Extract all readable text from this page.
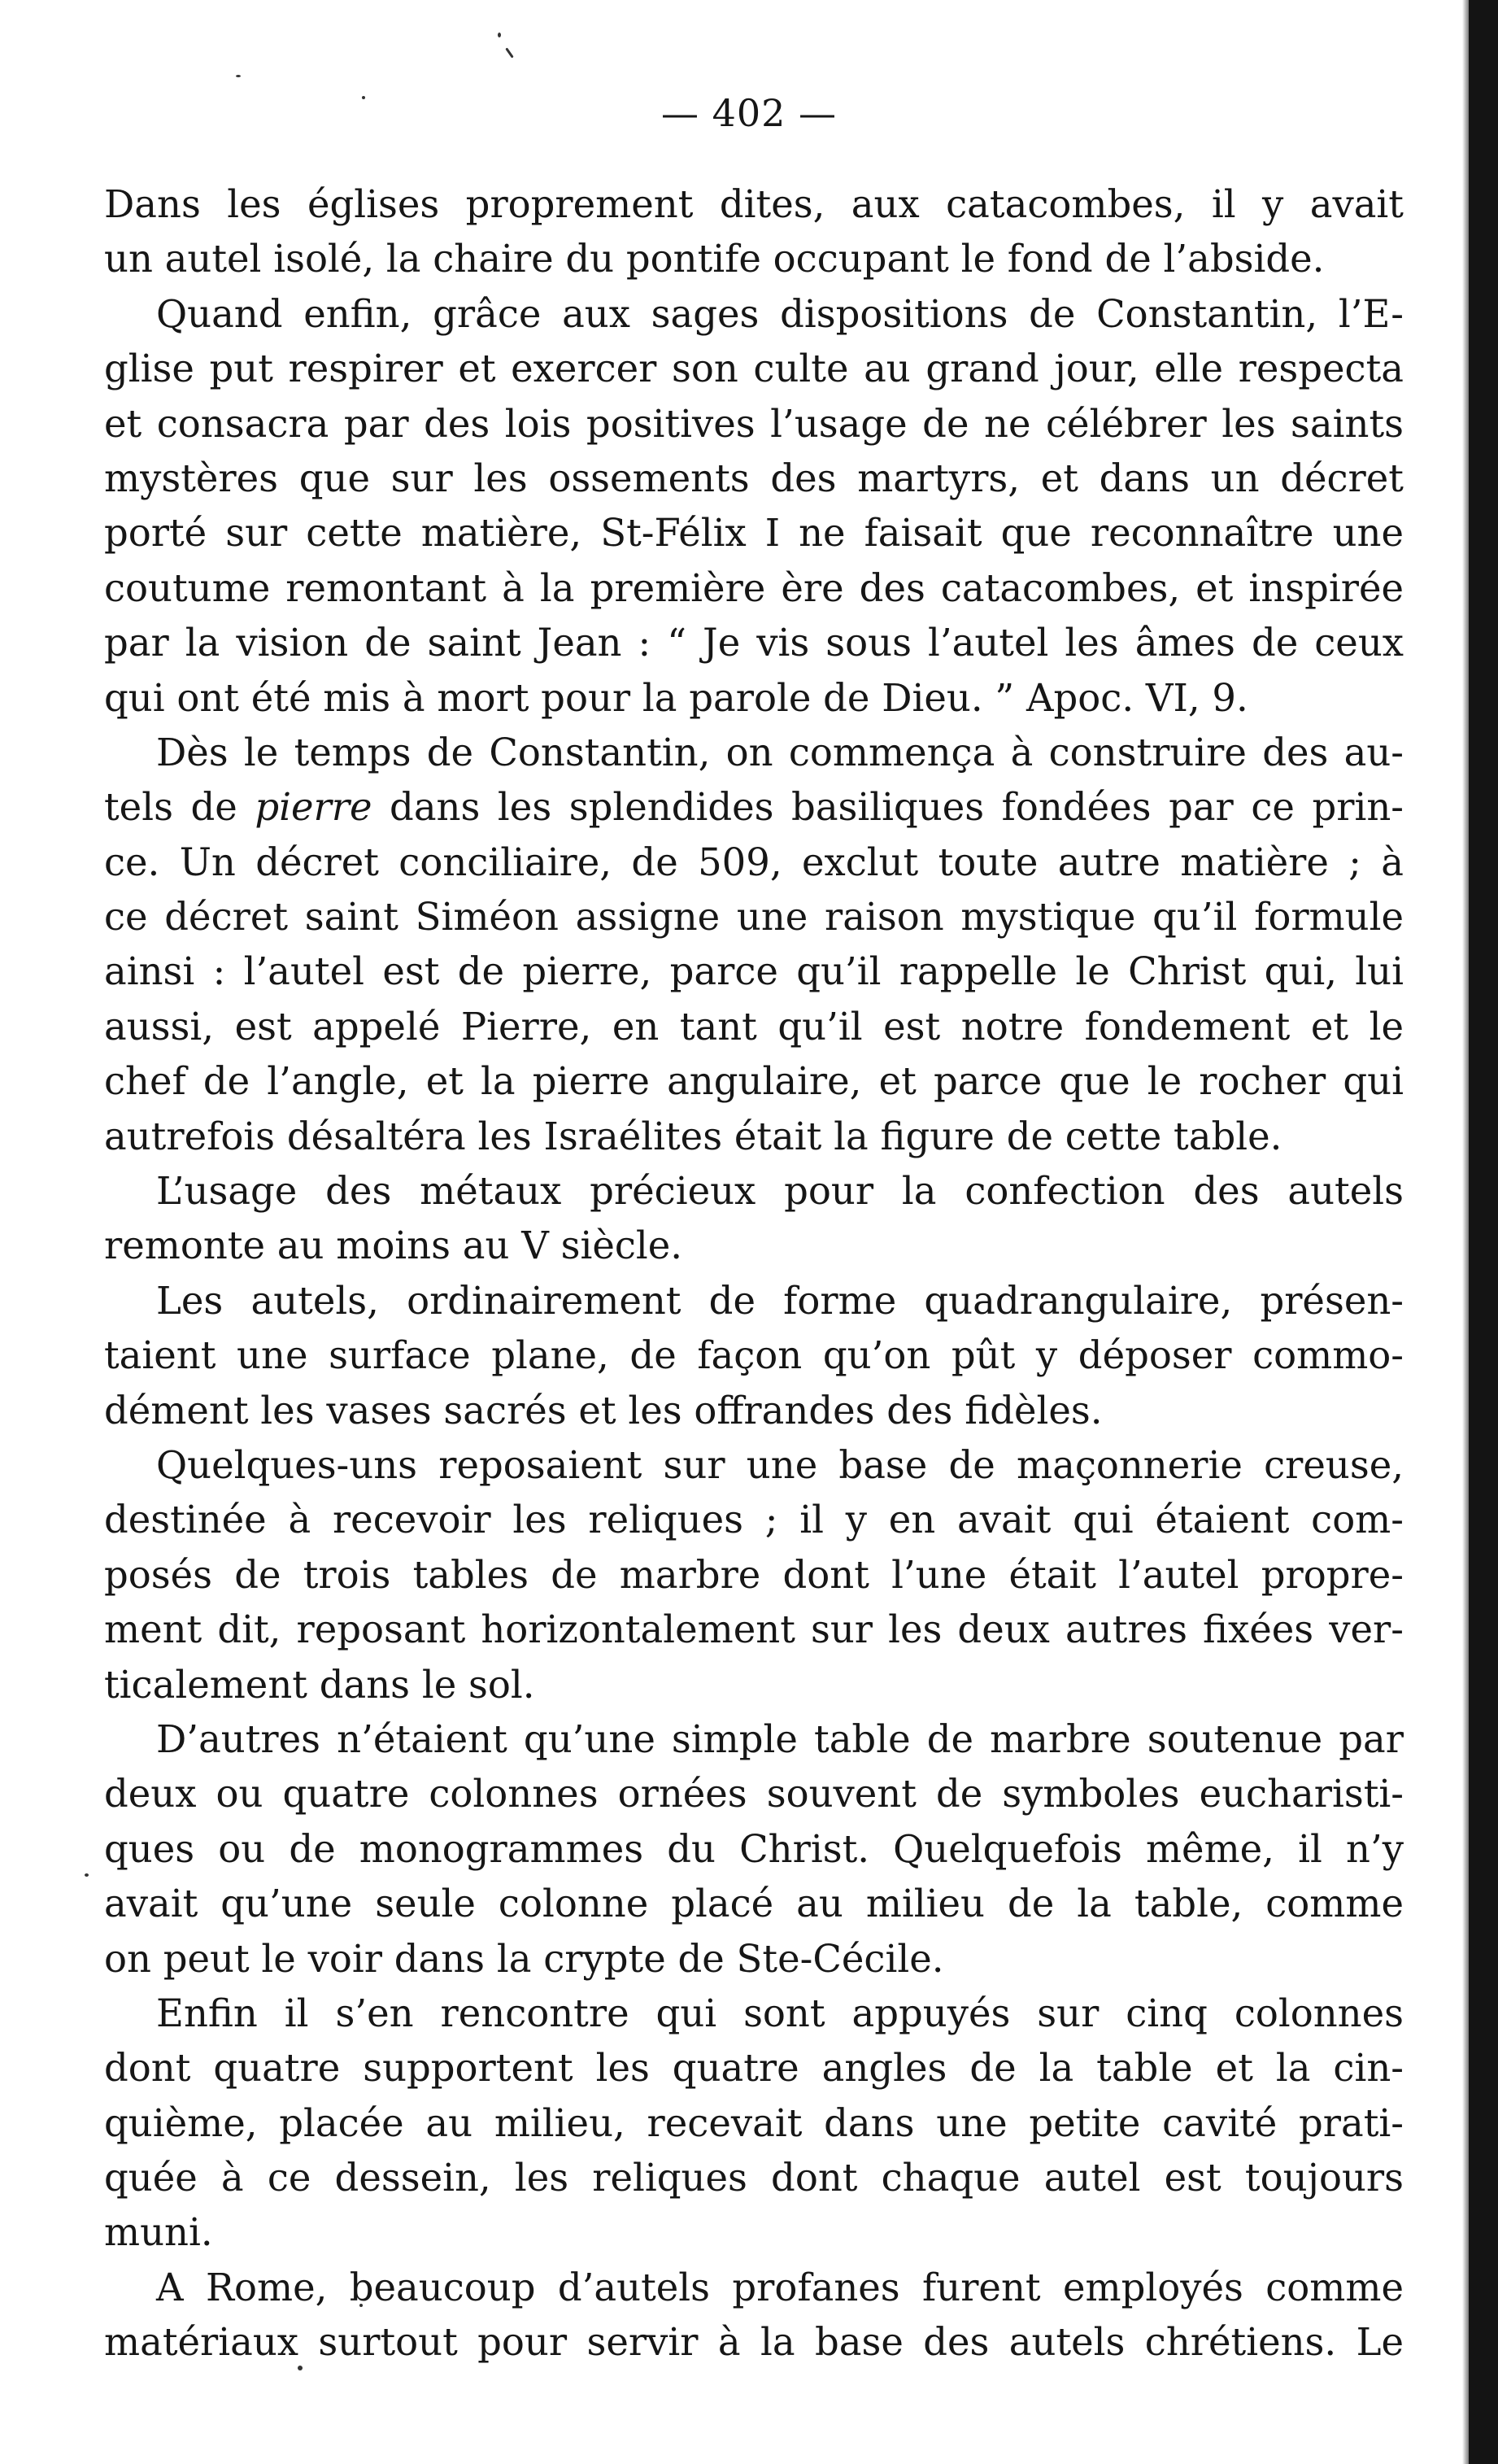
— 402 —
Dans les églises proprement dites, aux catacombes, il y avait
un autel isolé, la chaire du pontife occupant le fond de l’abside.
Quand enfin, grâce aux sages dispositions de Constantin, l’E-
glise put respirer et exercer son culte au grand jour, elle respecta
et consacra par des lois positives l’usage de ne célébrer les saints
mystères que sur les ossements des martyrs, et dans un décret
porté sur cette matière, St-Félix I ne faisait que reconnaître une
coutume remontant à la première ère des catacombes, et inspirée
par la vision de saint Jean : “ Je vis sous l’autel les âmes de ceux
qui ont été mis à mort pour la parole de Dieu. ” Apoc. VI, 9.
Dès le temps de Constantin, on commença à construire des au-
tels de pierre dans les splendides basiliques fondées par ce prin-
ce. Un décret conciliaire, de 509, exclut toute autre matière ; à
ce décret saint Siméon assigne une raison mystique qu’il formule
ainsi : l’autel est de pierre, parce qu’il rappelle le Christ qui, lui
aussi, est appelé Pierre, en tant qu’il est notre fondement et le
chef de l’angle, et la pierre angulaire, et parce que le rocher qui
autrefois désaltéra les Israélites était la figure de cette table.
L’usage des métaux précieux pour la confection des autels
remonte au moins au V siècle.
Les autels, ordinairement de forme quadrangulaire, présen-
taient une surface plane, de façon qu’on pût y déposer commo-
dément les vases sacrés et les offrandes des fidèles.
Quelques-uns reposaient sur une base de maçonnerie creuse,
destinée à recevoir les reliques ; il y en avait qui étaient com-
posés de trois tables de marbre dont l’une était l’autel propre-
ment dit, reposant horizontalement sur les deux autres fixées ver-
ticalement dans le sol.
D’autres n’étaient qu’une simple table de marbre soutenue par
deux ou quatre colonnes ornées souvent de symboles eucharisti-
ques ou de monogrammes du Christ. Quelquefois même, il n’y
avait qu’une seule colonne placé au milieu de la table, comme
on peut le voir dans la crypte de Ste-Cécile.
Enfin il s’en rencontre qui sont appuyés sur cinq colonnes
dont quatre supportent les quatre angles de la table et la cin-
quième, placée au milieu, recevait dans une petite cavité prati-
quée à ce dessein, les reliques dont chaque autel est toujours
muni.
A Rome, beaucoup d’autels profanes furent employés comme
matériaux surtout pour servir à la base des autels chrétiens. Le
